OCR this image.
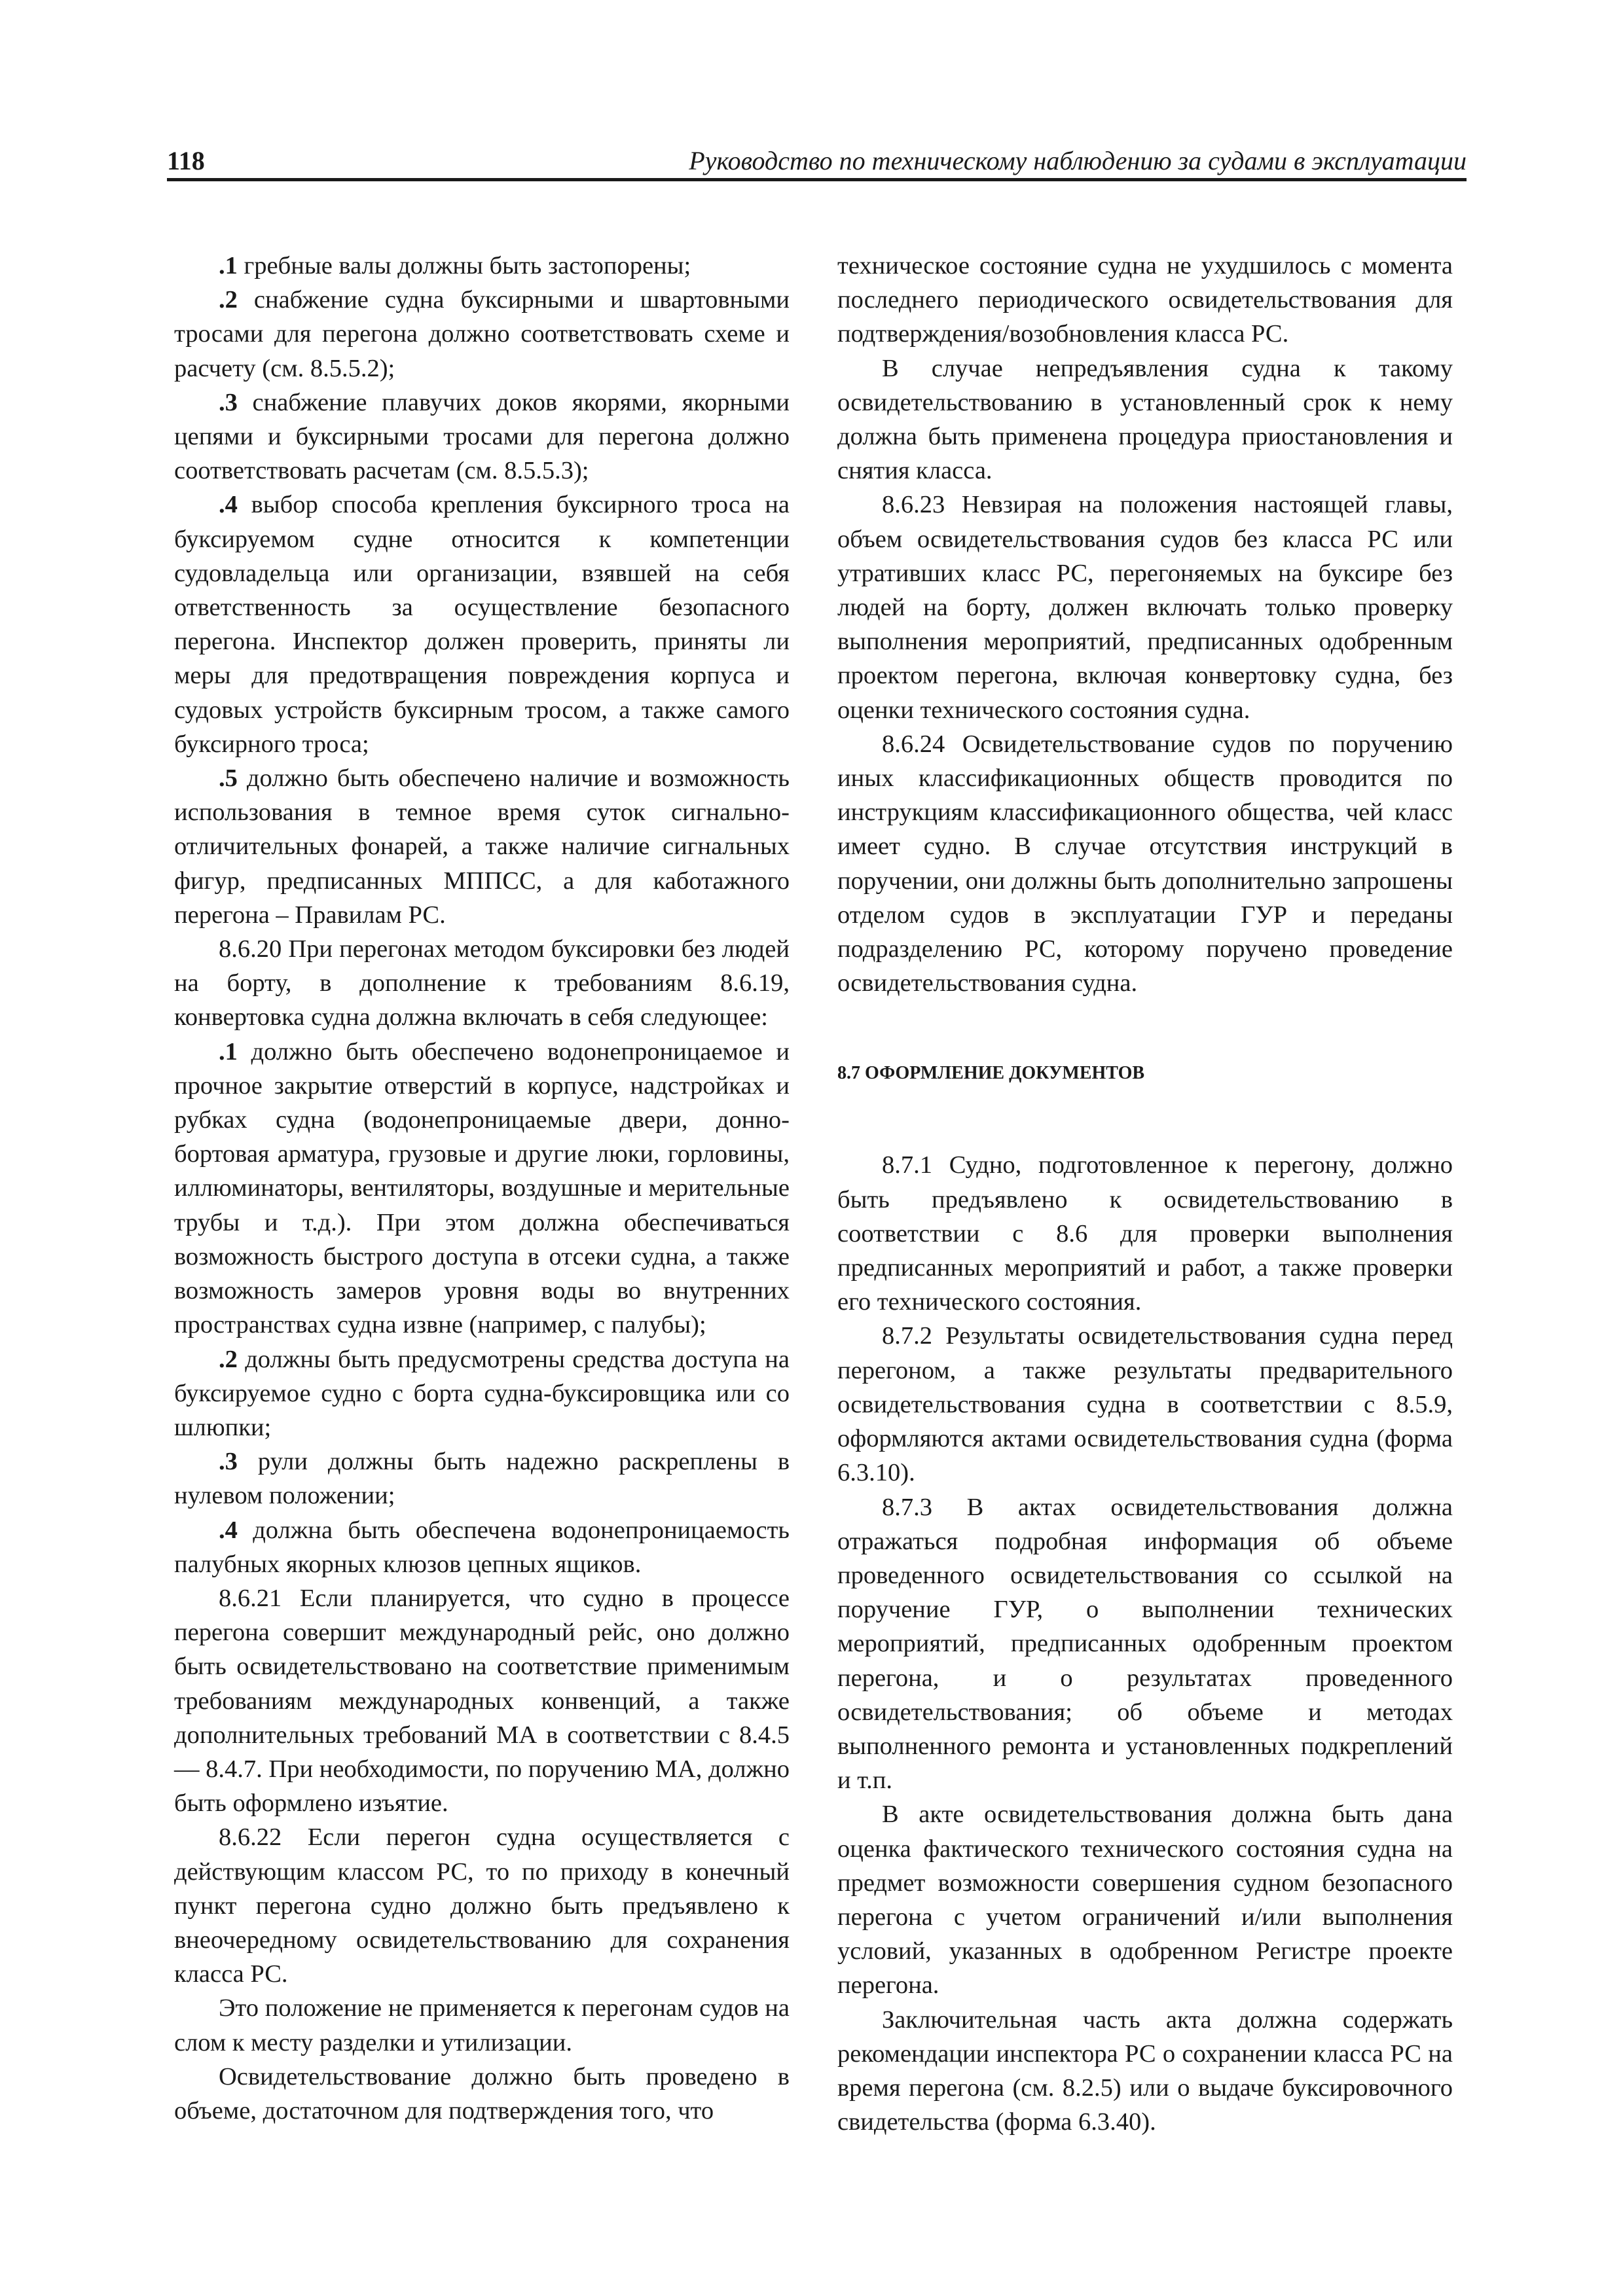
118	Руководство по техническому наблюдению за судами в эксплуатации

.1 гребные валы должны быть застопорены;

.2 снабжение судна буксирными и швартовными тросами для перегона должно соответствовать схеме и расчету (см. 8.5.5.2);

.3 снабжение плавучих доков якорями, якорными цепями и буксирными тросами для перегона должно соответствовать расчетам (см. 8.5.5.3);

.4 выбор способа крепления буксирного троса на буксируемом судне относится к компетенции судовладельца или организации, взявшей на себя ответственность за осуществление безопасного перегона. Инспектор должен проверить, приняты ли меры для предотвращения повреждения корпуса и судовых устройств буксирным тросом, а также самого буксирного троса;

.5 должно быть обеспечено наличие и возможность использования в темное время суток сигнально-отличительных фонарей, а также наличие сигнальных фигур, предписанных МППСС, а для каботажного перегона – Правилам РС.

8.6.20 При перегонах методом буксировки без людей на борту, в дополнение к требованиям 8.6.19, конвертовка судна должна включать в себя следующее:

.1 должно быть обеспечено водонепроницаемое и прочное закрытие отверстий в корпусе, надстройках и рубках судна (водонепроницаемые двери, донно-бортовая арматура, грузовые и другие люки, горловины, иллюминаторы, вентиляторы, воздушные и мерительные трубы и т.д.). При этом должна обеспечиваться возможность быстрого доступа в отсеки судна, а также возможность замеров уровня воды во внутренних пространствах судна извне (например, с палубы);

.2 должны быть предусмотрены средства доступа на буксируемое судно с борта судна-буксировщика или со шлюпки;

.3 рули должны быть надежно раскреплены в нулевом положении;

.4 должна быть обеспечена водонепроницаемость палубных якорных клюзов цепных ящиков.

8.6.21 Если планируется, что судно в процессе перегона совершит международный рейс, оно должно быть освидетельствовано на соответствие применимым требованиям международных конвенций, а также дополнительных требований МА в соответствии с 8.4.5 — 8.4.7. При необходимости, по поручению МА, должно быть оформлено изъятие.

8.6.22 Если перегон судна осуществляется с действующим классом РС, то по приходу в конечный пункт перегона судно должно быть предъявлено к внеочередному освидетельствованию для сохранения класса РС.

Это положение не применяется к перегонам судов на слом к месту разделки и утилизации.

Освидетельствование должно быть проведено в объеме, достаточном для подтверждения того, что

техническое состояние судна не ухудшилось с момента последнего периодического освидетельствования для подтверждения/возобновления класса РС.

В случае непредъявления судна к такому освидетельствованию в установленный срок к нему должна быть применена процедура приостановления и снятия класса.

8.6.23 Невзирая на положения настоящей главы, объем освидетельствования судов без класса РС или утративших класс РС, перегоняемых на буксире без людей на борту, должен включать только проверку выполнения мероприятий, предписанных одобренным проектом перегона, включая конвертовку судна, без оценки технического состояния судна.

8.6.24 Освидетельствование судов по поручению иных классификационных обществ проводится по инструкциям классификационного общества, чей класс имеет судно. В случае отсутствия инструкций в поручении, они должны быть дополнительно запрошены отделом судов в эксплуатации ГУР и переданы подразделению РС, которому поручено проведение освидетельствования судна.

8.7 ОФОРМЛЕНИЕ ДОКУМЕНТОВ

8.7.1 Судно, подготовленное к перегону, должно быть предъявлено к освидетельствованию в соответствии с 8.6 для проверки выполнения предписанных мероприятий и работ, а также проверки его технического состояния.

8.7.2 Результаты освидетельствования судна перед перегоном, а также результаты предварительного освидетельствования судна в соответствии с 8.5.9, оформляются актами освидетельствования судна (форма 6.3.10).

8.7.3 В актах освидетельствования должна отражаться подробная информация об объеме проведенного освидетельствования со ссылкой на поручение ГУР, о выполнении технических мероприятий, предписанных одобренным проектом перегона, и о результатах проведенного освидетельствования; об объеме и методах выполненного ремонта и установленных подкреплений и т.п.

В акте освидетельствования должна быть дана оценка фактического технического состояния судна на предмет возможности совершения судном безопасного перегона с учетом ограничений и/или выполнения условий, указанных в одобренном Регистре проекте перегона.

Заключительная часть акта должна содержать рекомендации инспектора РС о сохранении класса РС на время перегона (см. 8.2.5) или о выдаче буксировочного свидетельства (форма 6.3.40).
